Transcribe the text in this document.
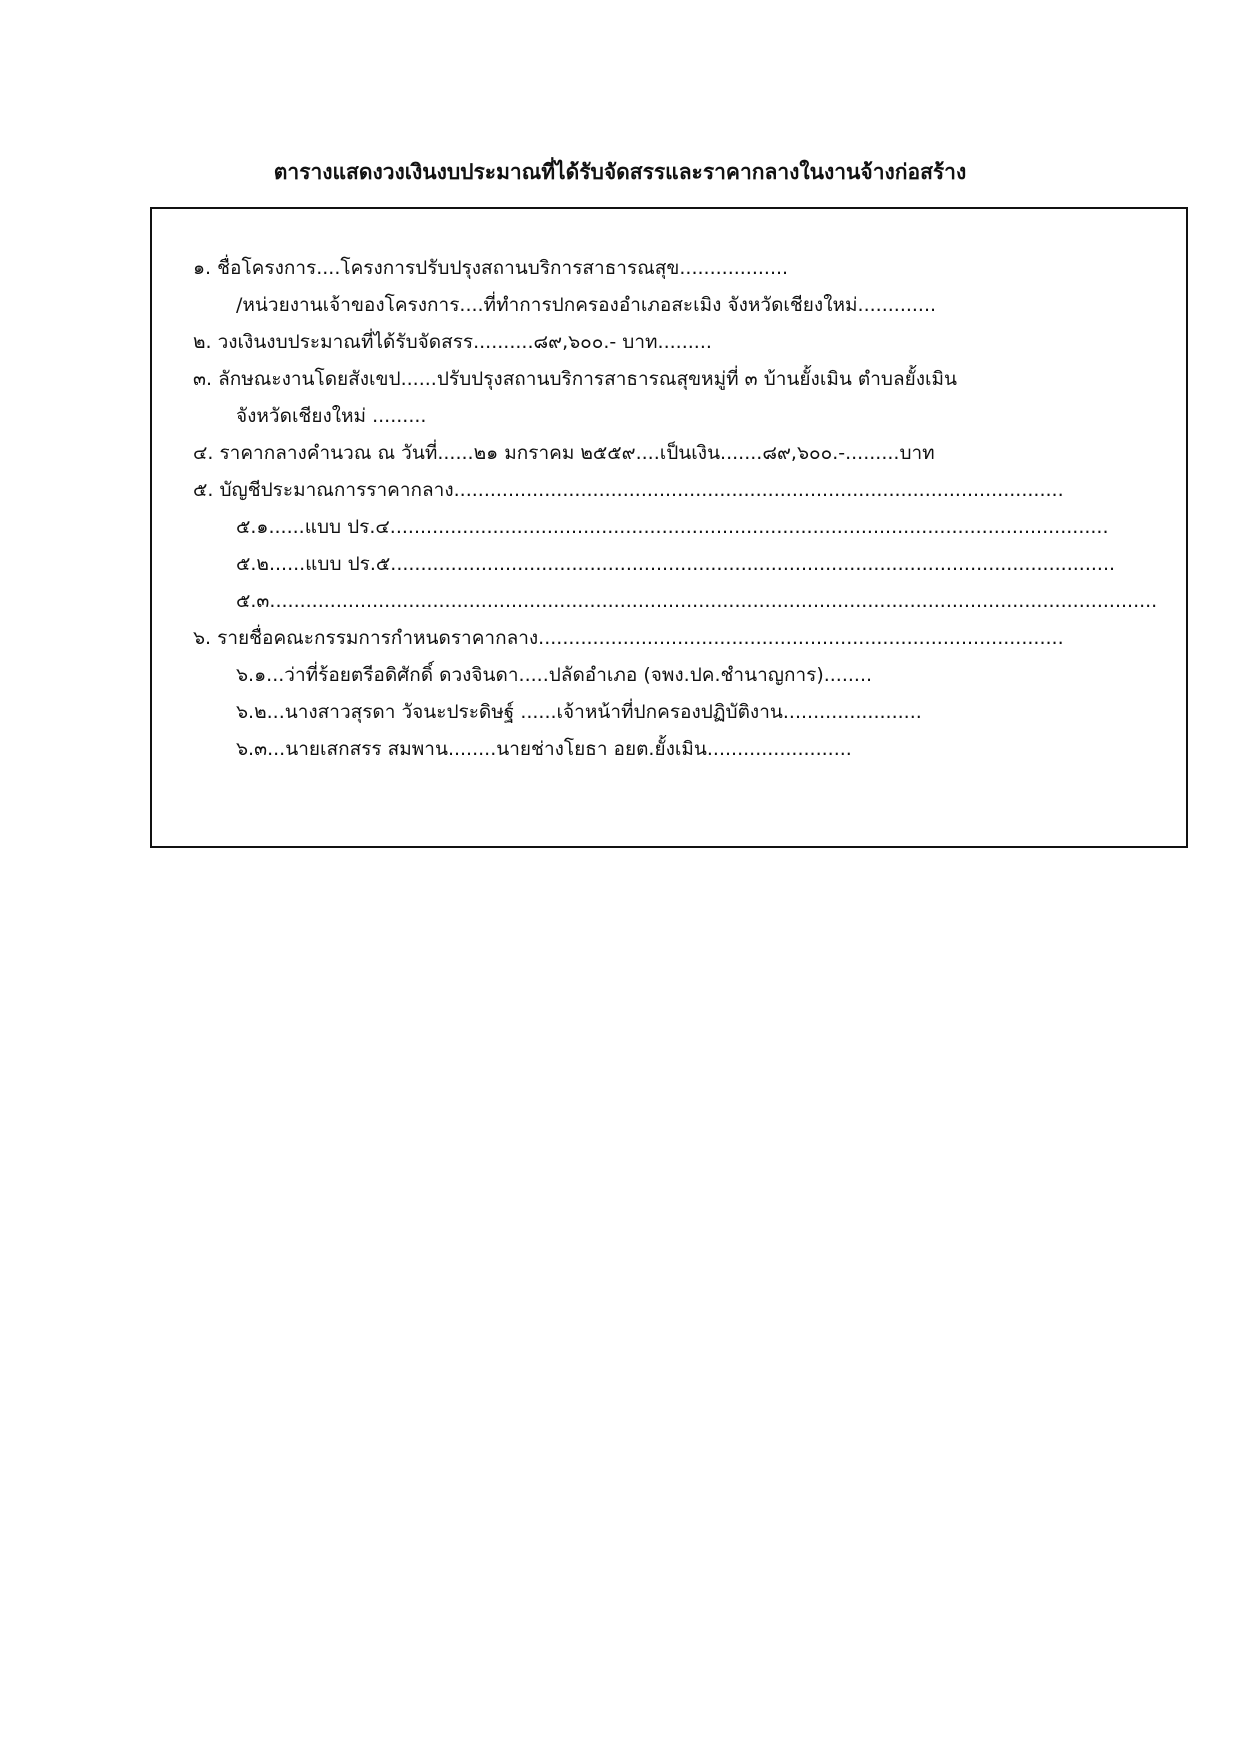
ตารางแสดงวงเงินงบประมาณที่ได้รับจัดสรรและราคากลางในงานจ้างก่อสร้าง
๑. ชื่อโครงการ....โครงการปรับปรุงสถานบริการสาธารณสุข..................
/หน่วยงานเจ้าของโครงการ....ที่ทำการปกครองอำเภอสะเมิง จังหวัดเชียงใหม่.............
๒. วงเงินงบประมาณที่ได้รับจัดสรร..........๘๙,๖๐๐.- บาท.........
๓. ลักษณะงานโดยสังเขป......ปรับปรุงสถานบริการสาธารณสุขหมู่ที่ ๓ บ้านยั้งเมิน ตำบลยั้งเมิน
จังหวัดเชียงใหม่ .........
๔. ราคากลางคำนวณ ณ วันที่......๒๑ มกราคม ๒๕๕๙....เป็นเงิน.......๘๙,๖๐๐.-.........บาท
๕. บัญชีประมาณการราคากลาง.....................................................................................................
๕.๑......แบบ ปร.๔.......................................................................................................................
๕.๒......แบบ ปร.๕........................................................................................................................
๕.๓...................................................................................................................................................
๖. รายชื่อคณะกรรมการกำหนดราคากลาง.......................................................................................
๖.๑...ว่าที่ร้อยตรีอดิศักดิ์ ดวงจินดา.....ปลัดอำเภอ (จพง.ปค.ชำนาญการ)........
๖.๒...นางสาวสุรดา วัจนะประดิษฐ์ ......เจ้าหน้าที่ปกครองปฏิบัติงาน.......................
๖.๓...นายเสกสรร สมพาน........นายช่างโยธา อยต.ยั้งเมิน........................
